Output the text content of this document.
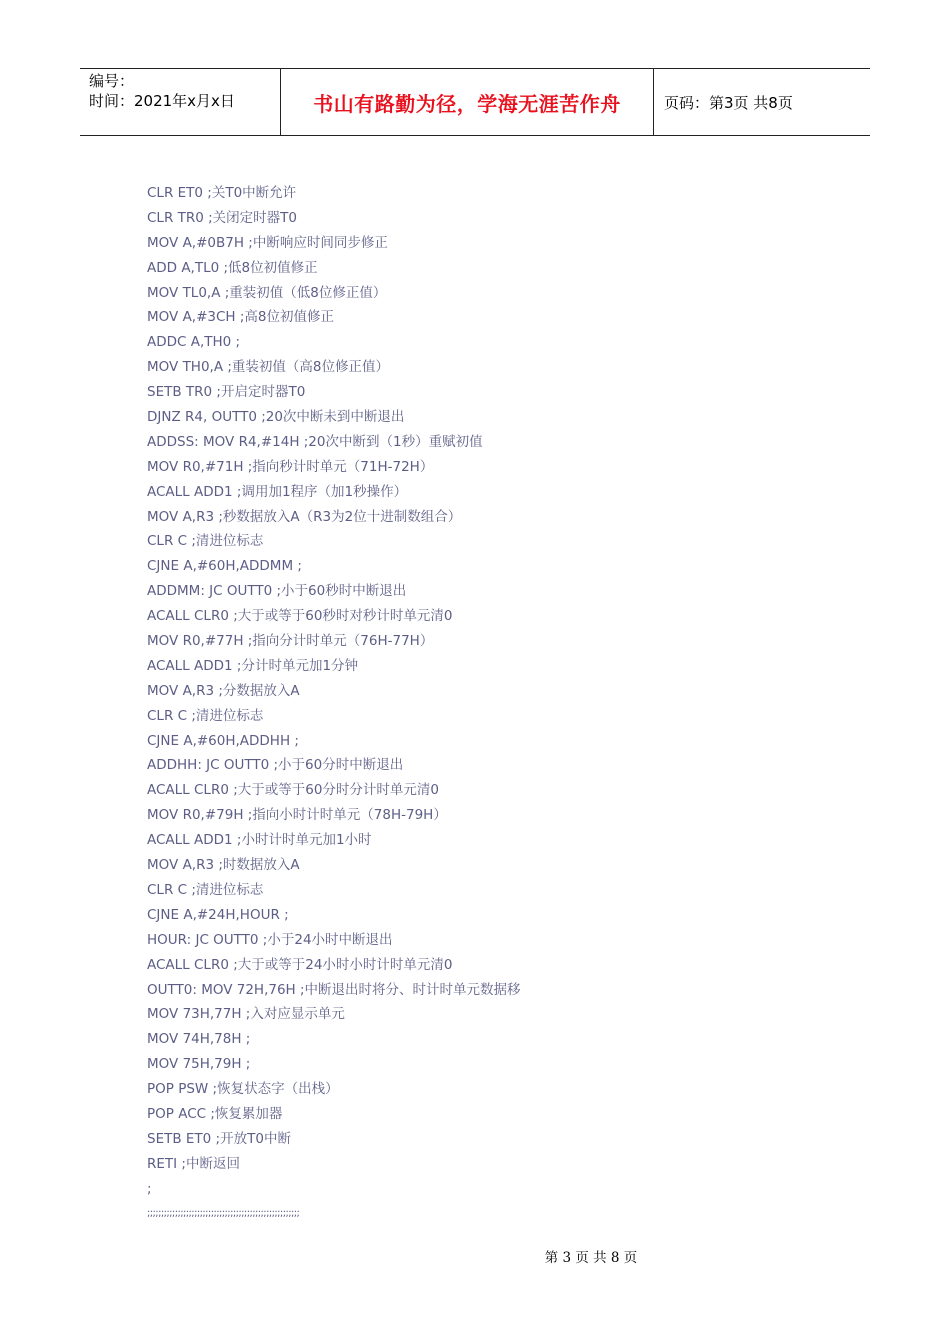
编号：
时间：2021年x月x日	书山有路勤为径，学海无涯苦作舟	页码：第3页 共8页
CLR ET0 ;关T0中断允许
CLR TR0 ;关闭定时器T0
MOV A,#0B7H ;中断响应时间同步修正
ADD A,TL0 ;低8位初值修正
MOV TL0,A ;重装初值（低8位修正值）
MOV A,#3CH ;高8位初值修正
ADDC A,TH0 ;
MOV TH0,A ;重装初值（高8位修正值）
SETB TR0 ;开启定时器T0
DJNZ R4, OUTT0 ;20次中断未到中断退出
ADDSS: MOV R4,#14H ;20次中断到（1秒）重赋初值
MOV R0,#71H ;指向秒计时单元（71H-72H）
ACALL ADD1 ;调用加1程序（加1秒操作）
MOV A,R3 ;秒数据放入A（R3为2位十进制数组合）
CLR C ;清进位标志
CJNE A,#60H,ADDMM ;
ADDMM: JC OUTT0 ;小于60秒时中断退出
ACALL CLR0 ;大于或等于60秒时对秒计时单元清0
MOV R0,#77H ;指向分计时单元（76H-77H）
ACALL ADD1 ;分计时单元加1分钟
MOV A,R3 ;分数据放入A
CLR C ;清进位标志
CJNE A,#60H,ADDHH ;
ADDHH: JC OUTT0 ;小于60分时中断退出
ACALL CLR0 ;大于或等于60分时分计时单元清0
MOV R0,#79H ;指向小时计时单元（78H-79H）
ACALL ADD1 ;小时计时单元加1小时
MOV A,R3 ;时数据放入A
CLR C ;清进位标志
CJNE A,#24H,HOUR ;
HOUR: JC OUTT0 ;小于24小时中断退出
ACALL CLR0 ;大于或等于24小时小时计时单元清0
OUTT0: MOV 72H,76H ;中断退出时将分、时计时单元数据移
MOV 73H,77H ;入对应显示单元
MOV 74H,78H ;
MOV 75H,79H ;
POP PSW ;恢复状态字（出栈）
POP ACC ;恢复累加器
SETB ET0 ;开放T0中断
RETI ;中断返回
;
;;;;;;;;;;;;;;;;;;;;;;;;;;;;;;;;;;;;;;;;;;;;;;;;;;;;;;;
第 3 页 共 8 页
